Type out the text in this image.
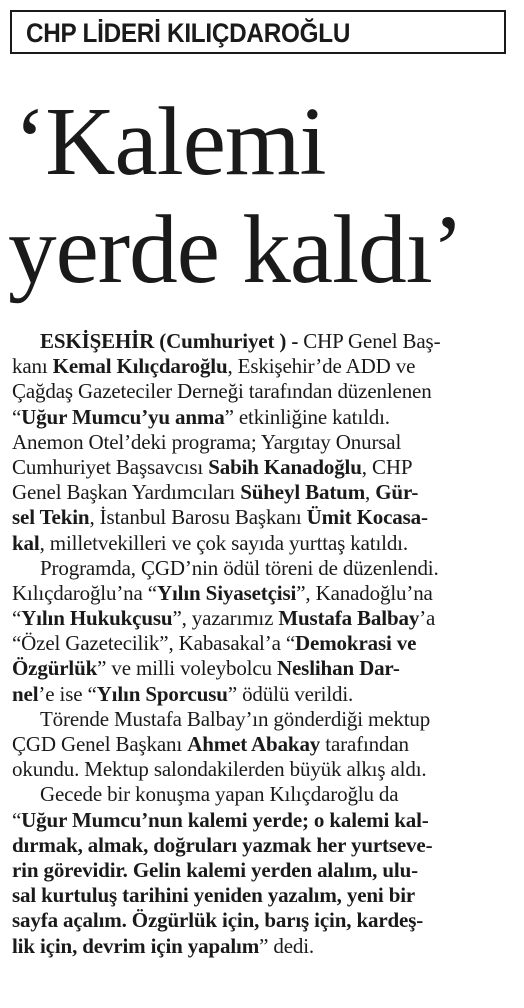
CHP LİDERİ KILIÇDAROĞLU
‘Kalemi
yerde kaldı’
ESKİŞEHİR (Cumhuriyet ) - CHP Genel Baş-
kanı Kemal Kılıçdaroğlu, Eskişehir’de ADD ve
Çağdaş Gazeteciler Derneği tarafından düzenlenen
“Uğur Mumcu’yu anma” etkinliğine katıldı.
Anemon Otel’deki programa; Yargıtay Onursal
Cumhuriyet Başsavcısı Sabih Kanadoğlu, CHP
Genel Başkan Yardımcıları Süheyl Batum, Gür-
sel Tekin, İstanbul Barosu Başkanı Ümit Kocasa-
kal, milletvekilleri ve çok sayıda yurttaş katıldı.
Programda, ÇGD’nin ödül töreni de düzenlendi.
Kılıçdaroğlu’na “Yılın Siyasetçisi”, Kanadoğlu’na
“Yılın Hukukçusu”, yazarımız Mustafa Balbay’a
“Özel Gazetecilik”, Kabasakal’a “Demokrasi ve
Özgürlük” ve milli voleybolcu Neslihan Dar-
nel’e ise “Yılın Sporcusu” ödülü verildi.
Törende Mustafa Balbay’ın gönderdiği mektup
ÇGD Genel Başkanı Ahmet Abakay tarafından
okundu. Mektup salondakilerden büyük alkış aldı.
Gecede bir konuşma yapan Kılıçdaroğlu da
“Uğur Mumcu’nun kalemi yerde; o kalemi kal-
dırmak, almak, doğruları yazmak her yurtseve-
rin görevidir. Gelin kalemi yerden alalım, ulu-
sal kurtuluş tarihini yeniden yazalım, yeni bir
sayfa açalım. Özgürlük için, barış için, kardeş-
lik için, devrim için yapalım” dedi.
